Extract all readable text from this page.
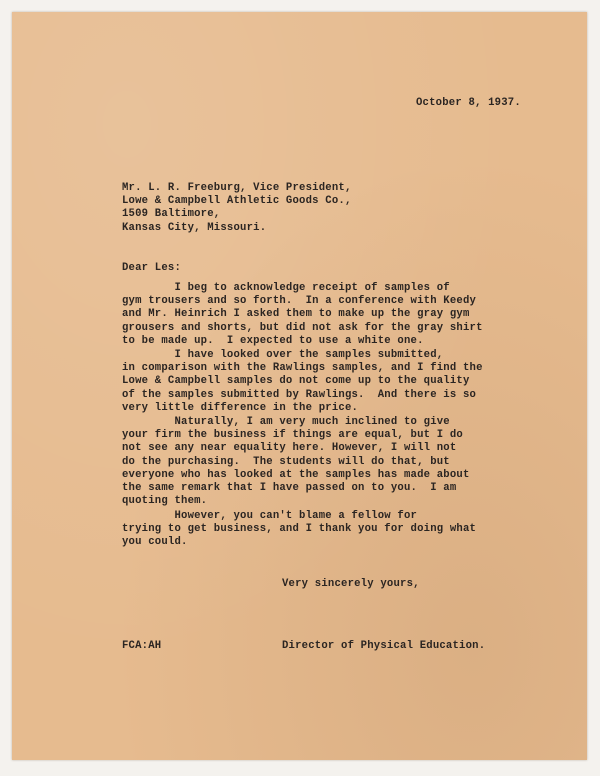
October 8, 1937.

Mr. L. R. Freeburg, Vice President,
Lowe & Campbell Athletic Goods Co.,
1509 Baltimore,
Kansas City, Missouri.

Dear Les:

I beg to acknowledge receipt of samples of
gym trousers and so forth.  In a conference with Keedy
and Mr. Heinrich I asked them to make up the gray gym
grousers and shorts, but did not ask for the gray shirt
to be made up.  I expected to use a white one.
I have looked over the samples submitted,
in comparison with the Rawlings samples, and I find the
Lowe & Campbell samples do not come up to the quality
of the samples submitted by Rawlings.  And there is so
very little difference in the price.
Naturally, I am very much inclined to give
your firm the business if things are equal, but I do
not see any near equality here. However, I will not
do the purchasing.  The students will do that, but
everyone who has looked at the samples has made about
the same remark that I have passed on to you.  I am
quoting them.
However, you can't blame a fellow for
trying to get business, and I thank you for doing what
you could.

Very sincerely yours,

FCA:AH	Director of Physical Education.
